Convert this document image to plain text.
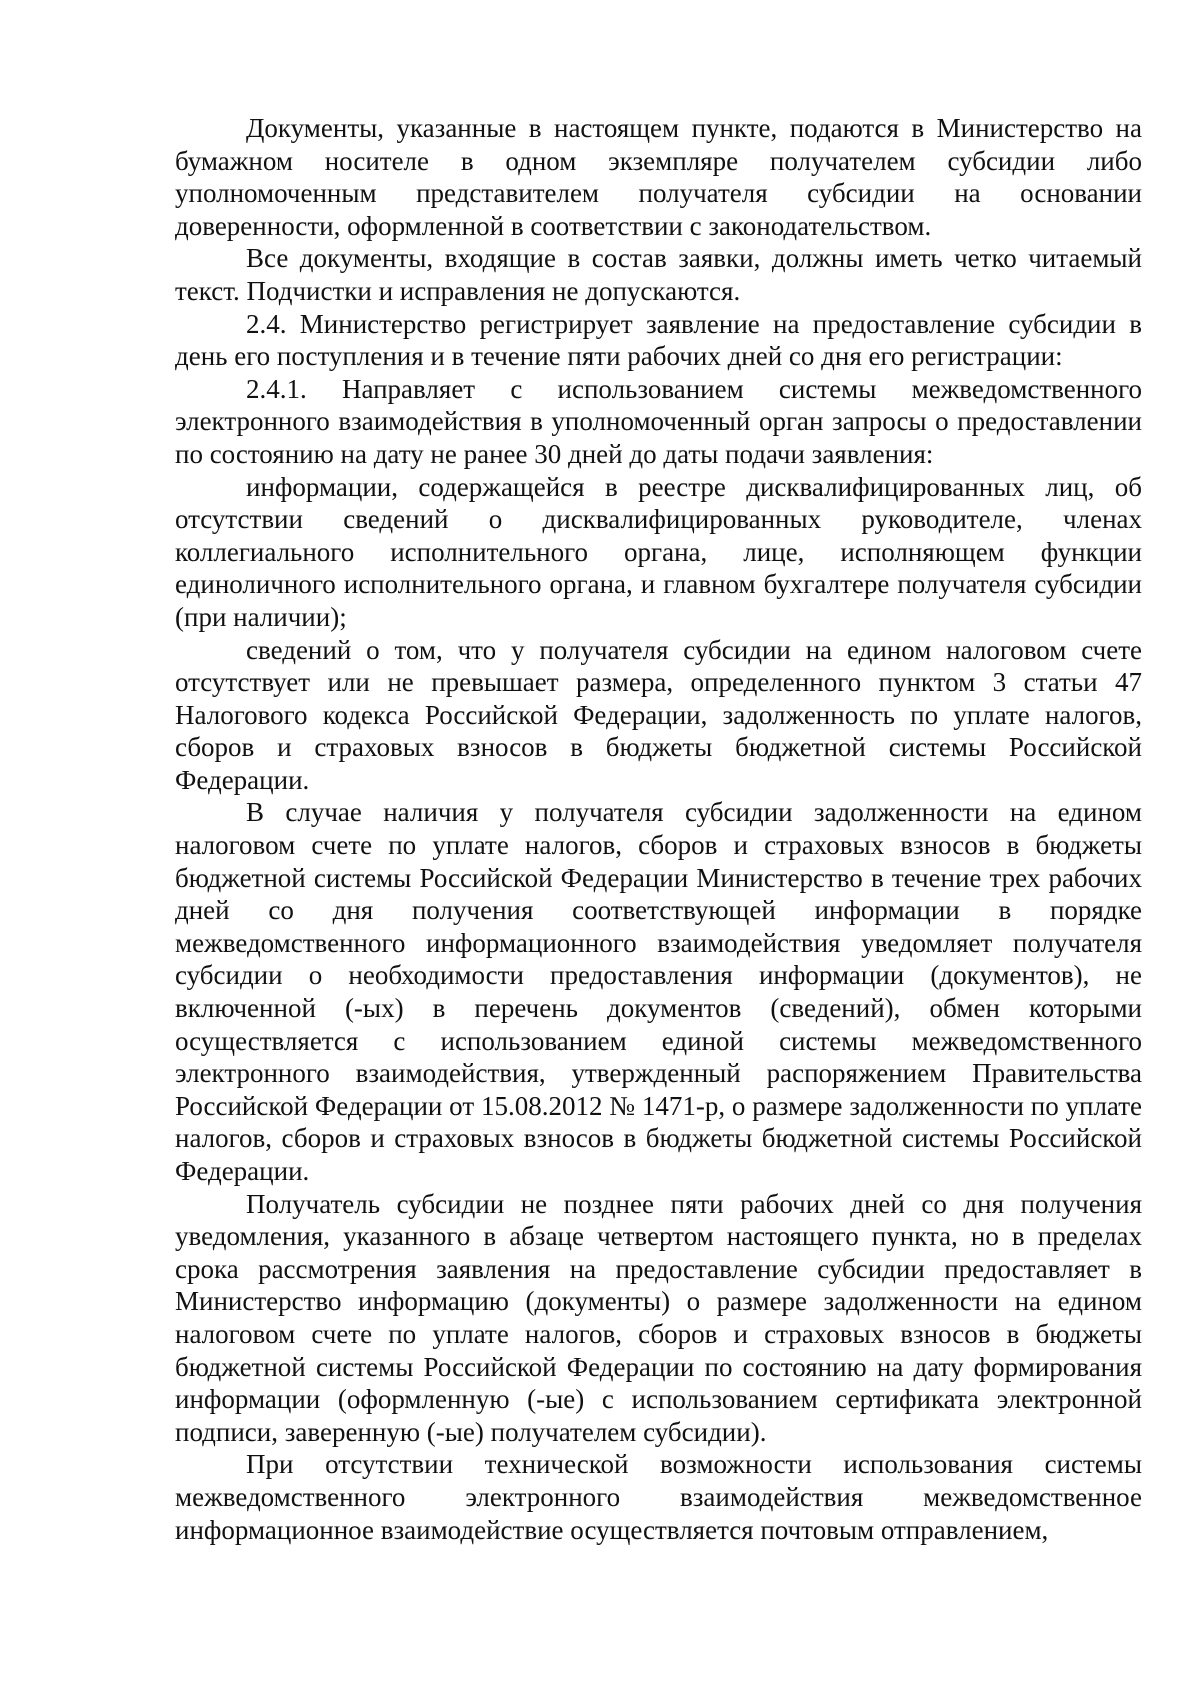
Документы, указанные в настоящем пункте, подаются в Министерство на бумажном носителе в одном экземпляре получателем субсидии либо уполномоченным представителем получателя субсидии на основании доверенности, оформленной в соответствии с законодательством.

Все документы, входящие в состав заявки, должны иметь четко читаемый текст. Подчистки и исправления не допускаются.

2.4. Министерство регистрирует заявление на предоставление субсидии в день его поступления и в течение пяти рабочих дней со дня его регистрации:

2.4.1. Направляет с использованием системы межведомственного электронного взаимодействия в уполномоченный орган запросы о предоставлении по состоянию на дату не ранее 30 дней до даты подачи заявления:

информации, содержащейся в реестре дисквалифицированных лиц, об отсутствии сведений о дисквалифицированных руководителе, членах коллегиального исполнительного органа, лице, исполняющем функции единоличного исполнительного органа, и главном бухгалтере получателя субсидии (при наличии);

сведений о том, что у получателя субсидии на едином налоговом счете отсутствует или не превышает размера, определенного пунктом 3 статьи 47 Налогового кодекса Российской Федерации, задолженность по уплате налогов, сборов и страховых взносов в бюджеты бюджетной системы Российской Федерации.

В случае наличия у получателя субсидии задолженности на едином налоговом счете по уплате налогов, сборов и страховых взносов в бюджеты бюджетной системы Российской Федерации Министерство в течение трех рабочих дней со дня получения соответствующей информации в порядке межведомственного информационного взаимодействия уведомляет получателя субсидии о необходимости предоставления информации (документов), не включенной (-ых) в перечень документов (сведений), обмен которыми осуществляется с использованием единой системы межведомственного электронного взаимодействия, утвержденный распоряжением Правительства Российской Федерации от 15.08.2012 № 1471-р, о размере задолженности по уплате налогов, сборов и страховых взносов в бюджеты бюджетной системы Российской Федерации.

Получатель субсидии не позднее пяти рабочих дней со дня получения уведомления, указанного в абзаце четвертом настоящего пункта, но в пределах срока рассмотрения заявления на предоставление субсидии предоставляет в Министерство информацию (документы) о размере задолженности на едином налоговом счете по уплате налогов, сборов и страховых взносов в бюджеты бюджетной системы Российской Федерации по состоянию на дату формирования информации (оформленную (-ые) с использованием сертификата электронной подписи, заверенную (-ые) получателем субсидии).

При отсутствии технической возможности использования системы межведомственного электронного взаимодействия межведомственное информационное взаимодействие осуществляется почтовым отправлением,
